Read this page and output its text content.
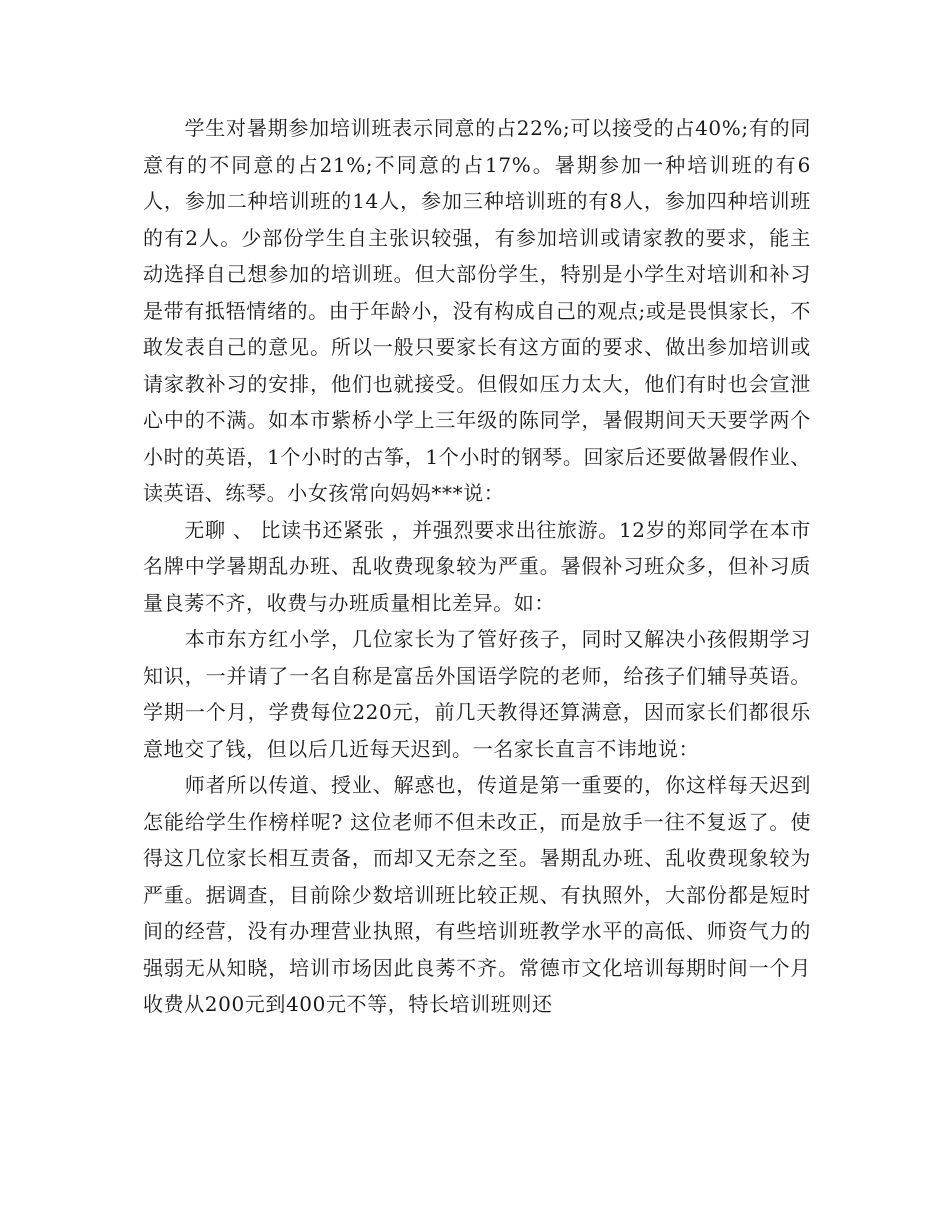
　　学生对暑期参加培训班表示同意的占22%;可以接受的占40%;有的同意有的不同意的占21%;不同意的占17%。暑期参加一种培训班的有6人，参加二种培训班的14人，参加三种培训班的有8人，参加四种培训班的有2人。少部份学生自主张识较强，有参加培训或请家教的要求，能主动选择自己想参加的培训班。但大部份学生，特别是小学生对培训和补习是带有抵牾情绪的。由于年龄小，没有构成自己的观点;或是畏惧家长，不敢发表自己的意见。所以一般只要家长有这方面的要求、做出参加培训或请家教补习的安排，他们也就接受。但假如压力太大，他们有时也会宣泄心中的不满。如本市紫桥小学上三年级的陈同学，暑假期间天天要学两个小时的英语，1个小时的古筝，1个小时的钢琴。回家后还要做暑假作业、读英语、练琴。小女孩常向妈妈***说：

　　无聊 、 比读书还紧张 ，并强烈要求出往旅游。12岁的郑同学在本市名牌中学暑期乱办班、乱收费现象较为严重。暑假补习班众多，但补习质量良莠不齐，收费与办班质量相比差异。如：

　　本市东方红小学，几位家长为了管好孩子，同时又解决小孩假期学习知识，一并请了一名自称是富岳外国语学院的老师，给孩子们辅导英语。学期一个月，学费每位220元，前几天教得还算满意，因而家长们都很乐意地交了钱，但以后几近每天迟到。一名家长直言不讳地说：

　　师者所以传道、授业、解惑也，传道是第一重要的，你这样每天迟到怎能给学生作榜样呢? 这位老师不但未改正，而是放手一往不复返了。使得这几位家长相互责备，而却又无奈之至。暑期乱办班、乱收费现象较为严重。据调查，目前除少数培训班比较正规、有执照外，大部份都是短时间的经营，没有办理营业执照，有些培训班教学水平的高低、师资气力的强弱无从知晓，培训市场因此良莠不齐。常德市文化培训每期时间一个月收费从200元到400元不等，特长培训班则还
